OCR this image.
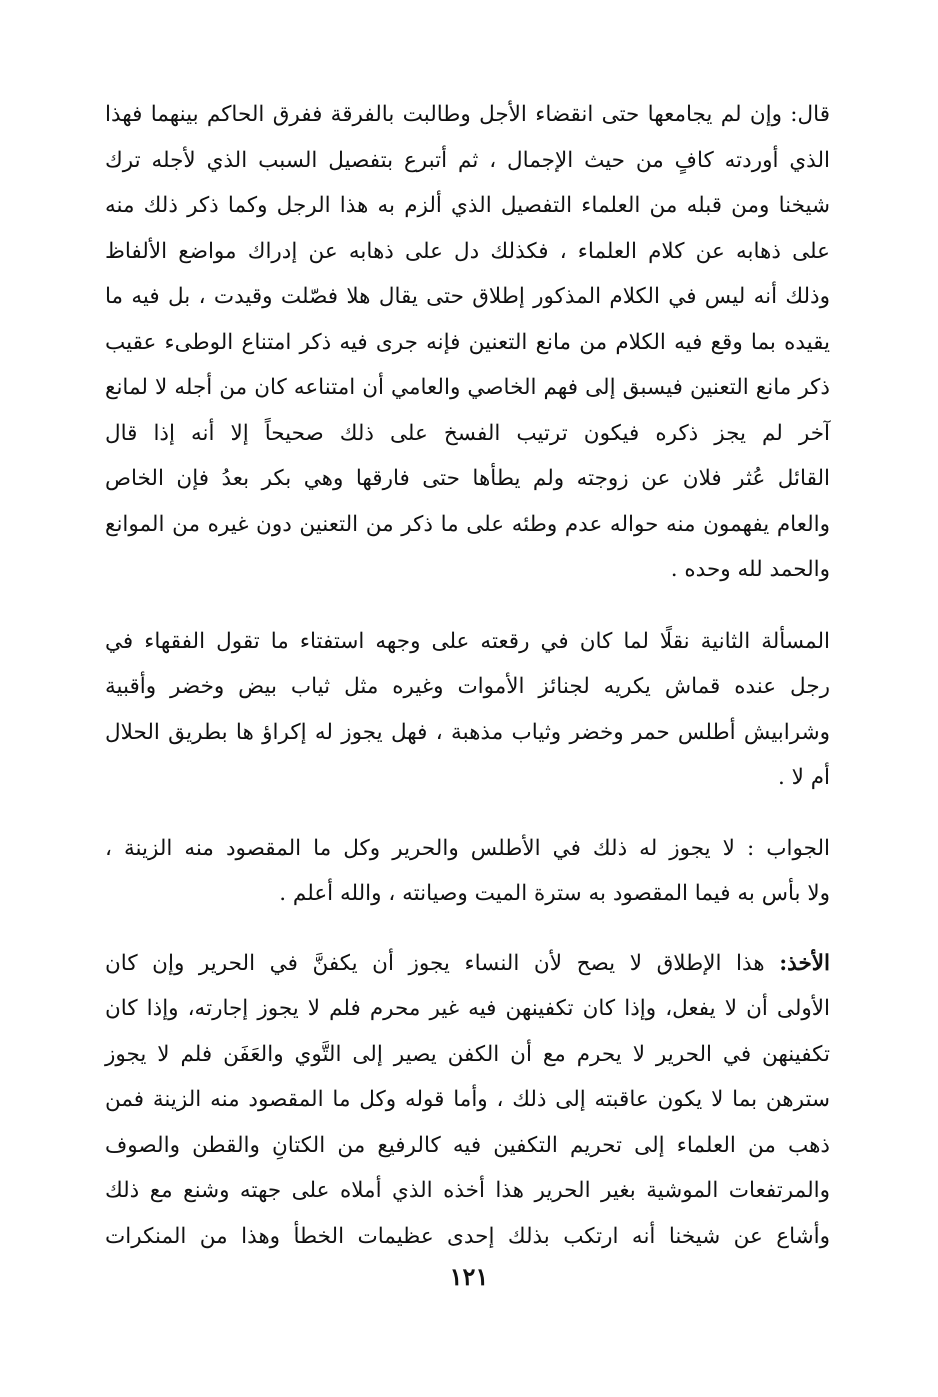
قال: وإن لم يجامعها حتى انقضاء الأجل وطالبت بالفرقة ففرق الحاكم بينهما فهذا
الذي أوردته كافٍ من حيث الإجمال ، ثم أتبرع بتفصيل السبب الذي لأجله ترك
شيخنا ومن قبله من العلماء التفصيل الذي ألزم به هذا الرجل وكما ذكر ذلك منه
على ذهابه عن كلام العلماء ، فكذلك دل على ذهابه عن إدراك مواضع الألفاظ
وذلك أنه ليس في الكلام المذكور إطلاق حتى يقال هلا فصّلت وقيدت ، بل فيه ما
يقيده بما وقع فيه الكلام من مانع التعنين فإنه جرى فيه ذكر امتناع الوطىء عقيب
ذكر مانع التعنين فيسبق إلى فهم الخاصي والعامي أن امتناعه كان من أجله لا لمانع
آخر لم يجز ذكره فيكون ترتيب الفسخ على ذلك صحيحاً إلا أنه إذا قال
القائل عُثر فلان عن زوجته ولم يطأها حتى فارقها وهي بكر بعدُ فإن الخاص
والعام يفهمون منه حواله عدم وطئه على ما ذكر من التعنين دون غيره من الموانع
والحمد لله وحده .
المسألة الثانية نقلًا لما كان في رقعته على وجهه استفتاء ما تقول الفقهاء في
رجل عنده قماش يكريه لجنائز الأموات وغيره مثل ثياب بيض وخضر وأقبية
وشرابيش أطلس حمر وخضر وثياب مذهبة ، فهل يجوز له إكراؤ ها بطريق الحلال
أم لا .
الجواب : لا يجوز له ذلك في الأطلس والحرير وكل ما المقصود منه الزينة ،
ولا بأس به فيما المقصود به سترة الميت وصيانته ، والله أعلم .
الأخذ: هذا الإطلاق لا يصح لأن النساء يجوز أن يكفنَّ في الحرير وإن كان
الأولى أن لا يفعل، وإذا كان تكفينهن فيه غير محرم فلم لا يجوز إجارته، وإذا كان
تكفينهن في الحرير لا يحرم مع أن الكفن يصير إلى التَّوي والعَفَن فلم لا يجوز
سترهن بما لا يكون عاقبته إلى ذلك ، وأما قوله وكل ما المقصود منه الزينة فمن
ذهب من العلماء إلى تحريم التكفين فيه كالرفيع من الكتانِ والقطن والصوف
والمرتفعات الموشية بغير الحرير هذا أخذه الذي أملاه على جهته وشنع مع ذلك
وأشاع عن شيخنا أنه ارتكب بذلك إحدى عظيمات الخطأ وهذا من المنكرات
١٢١
